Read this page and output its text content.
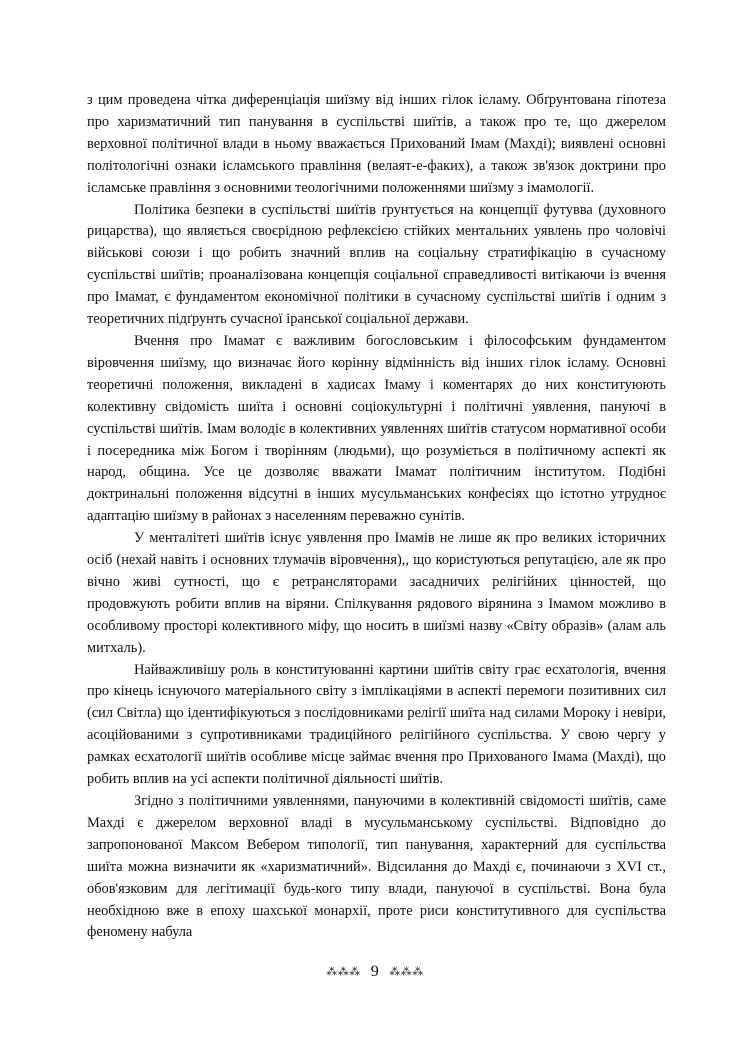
з цим проведена чітка диференціація шиїзму від інших гілок ісламу. Обґрунтована гіпотеза про харизматичний тип панування в суспільстві шиїтів, а також про те, що джерелом верховної політичної влади в ньому вважається Прихований Імам (Махді); виявлені основні політологічні ознаки ісламського правління (велаят-е-факих), а також зв'язок доктрини про ісламське правління з основними теологічними положеннями шиїзму з імамології.

Політика безпеки в суспільстві шиїтів ґрунтується на концепції футувва (духовного рицарства), що являється своєрідною рефлексією стійких ментальних уявлень про чоловічі військові союзи і що робить значний вплив на соціальну стратифікацію в сучасному суспільстві шиїтів; проаналізована концепція соціальної справедливості витікаючи із вчення про Імамат, є фундаментом економічної політики в сучасному суспільстві шиїтів і одним з теоретичних підґрунть сучасної іранської соціальної держави.

Вчення про Імамат є важливим богословським і філософським фундаментом віровчення шиїзму, що визначає його корінну відмінність від інших гілок ісламу. Основні теоретичні положення, викладені в хадисах Імаму і коментарях до них конституюють колективну свідомість шиїта і основні соціокультурні і політичні уявлення, пануючі в суспільстві шиїтів. Імам володіє в колективних уявленнях шиїтів статусом нормативної особи і посередника між Богом і творінням (людьми), що розуміється в політичному аспекті як народ, община. Усе це дозволяє вважати Імамат політичним інститутом. Подібні доктринальні положення відсутні в інших мусульманських конфесіях що істотно утрудноє адаптацію шиїзму в районах з населенням переважно сунітів.

У менталітеті шиїтів існує уявлення про Імамів не лише як про великих історичних осіб (нехай навіть і основних тлумачів віровчення),, що користуються репутацією, але як про вічно живі сутності, що є ретрансляторами засадничих релігійних цінностей, що продовжують робити вплив на віряни. Спілкування рядового вірянина з Імамом можливо в особливому просторі колективного міфу, що носить в шиїзмі назву «Світу образів» (алам аль митхаль).

Найважливішу роль в конституюванні картини шиїтів світу грає есхатологія, вчення про кінець існуючого матеріального світу з імплікаціями в аспекті перемоги позитивних сил (сил Світла) що ідентифікуються з послідовниками релігії шиїта над силами Мороку і невіри, асоційованими з супротивниками традиційного релігійного суспільства. У свою чергу у рамках есхатології шиїтів особливе місце займає вчення про Прихованого Імама (Махді), що робить вплив на усі аспекти політичної діяльності шиїтів.

Згідно з політичними уявленнями, пануючими в колективній свідомості шиїтів, саме Махді є джерелом верховної владі в мусульманському суспільстві. Відповідно до запропонованої Максом Вебером типології, тип панування, характерний для суспільства шиїта можна визначити як «харизматичний». Відсилання до Махді є, починаючи з XVI ст., обов'язковим для легітимації будь-кого типу влади, пануючої в суспільстві. Вона була необхідною вже в епоху шахської монархії, проте риси конститутивного для суспільства феномену набула

⁂⁂⁂ 9 ⁂⁂⁂
